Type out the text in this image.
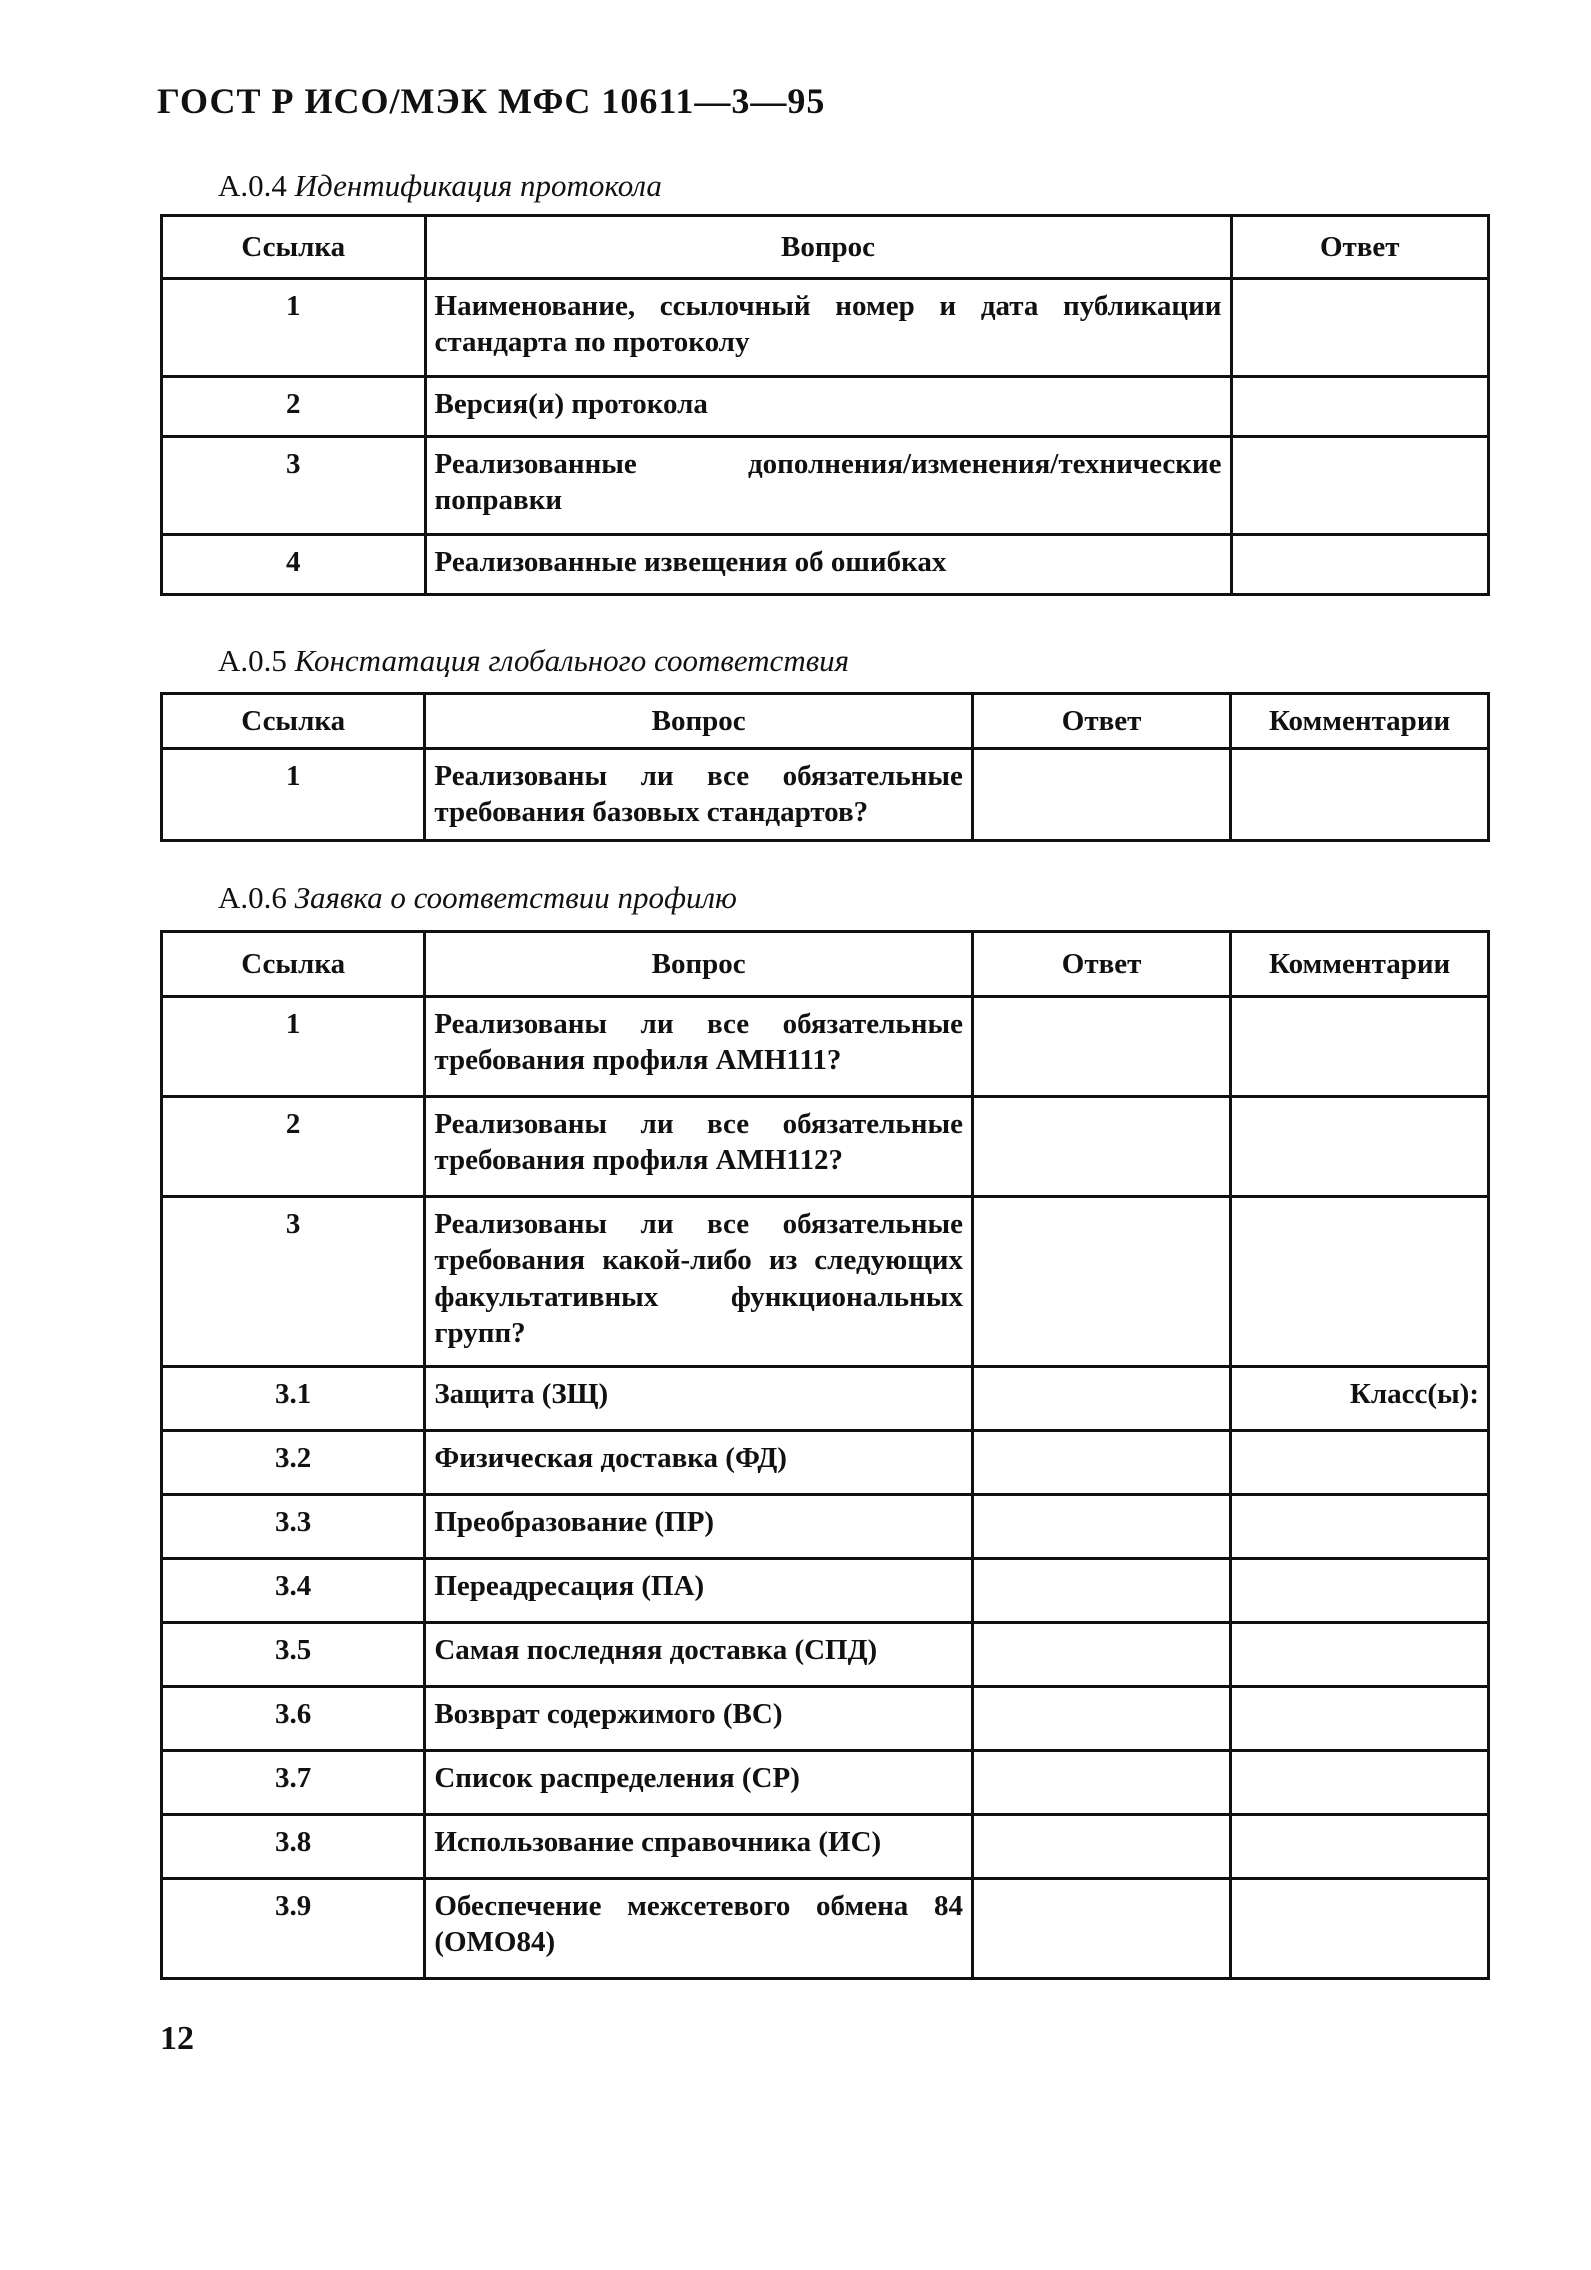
ГОСТ Р ИСО/МЭК МФС 10611—3—95
A.0.4 Идентификация протокола
Ссылка	Вопрос	Ответ
1	Наименование, ссылочный номер и дата публикации стандарта по протоколу	
2	Версия(и) протокола	
3	Реализованные дополнения/изменения/технические поправки	
4	Реализованные извещения об ошибках	
A.0.5 Констатация глобального соответствия
Ссылка	Вопрос	Ответ	Комментарии
1	Реализованы ли все обязательные требования базовых стандартов?		
A.0.6 Заявка о соответствии профилю
Ссылка	Вопрос	Ответ	Комментарии
1	Реализованы ли все обязательные требования профиля АМН111?		
2	Реализованы ли все обязательные требования профиля АМН112?		
3	Реализованы ли все обязательные требования какой-либо из следующих факультативных функциональных групп?		
3.1	Защита (ЗЩ)		Класс(ы):
3.2	Физическая доставка (ФД)		
3.3	Преобразование (ПР)		
3.4	Переадресация (ПА)		
3.5	Самая последняя доставка (СПД)		
3.6	Возврат содержимого (ВС)		
3.7	Список распределения (СР)		
3.8	Использование справочника (ИС)		
3.9	Обеспечение межсетевого обмена 84 (ОМО84)		
12
